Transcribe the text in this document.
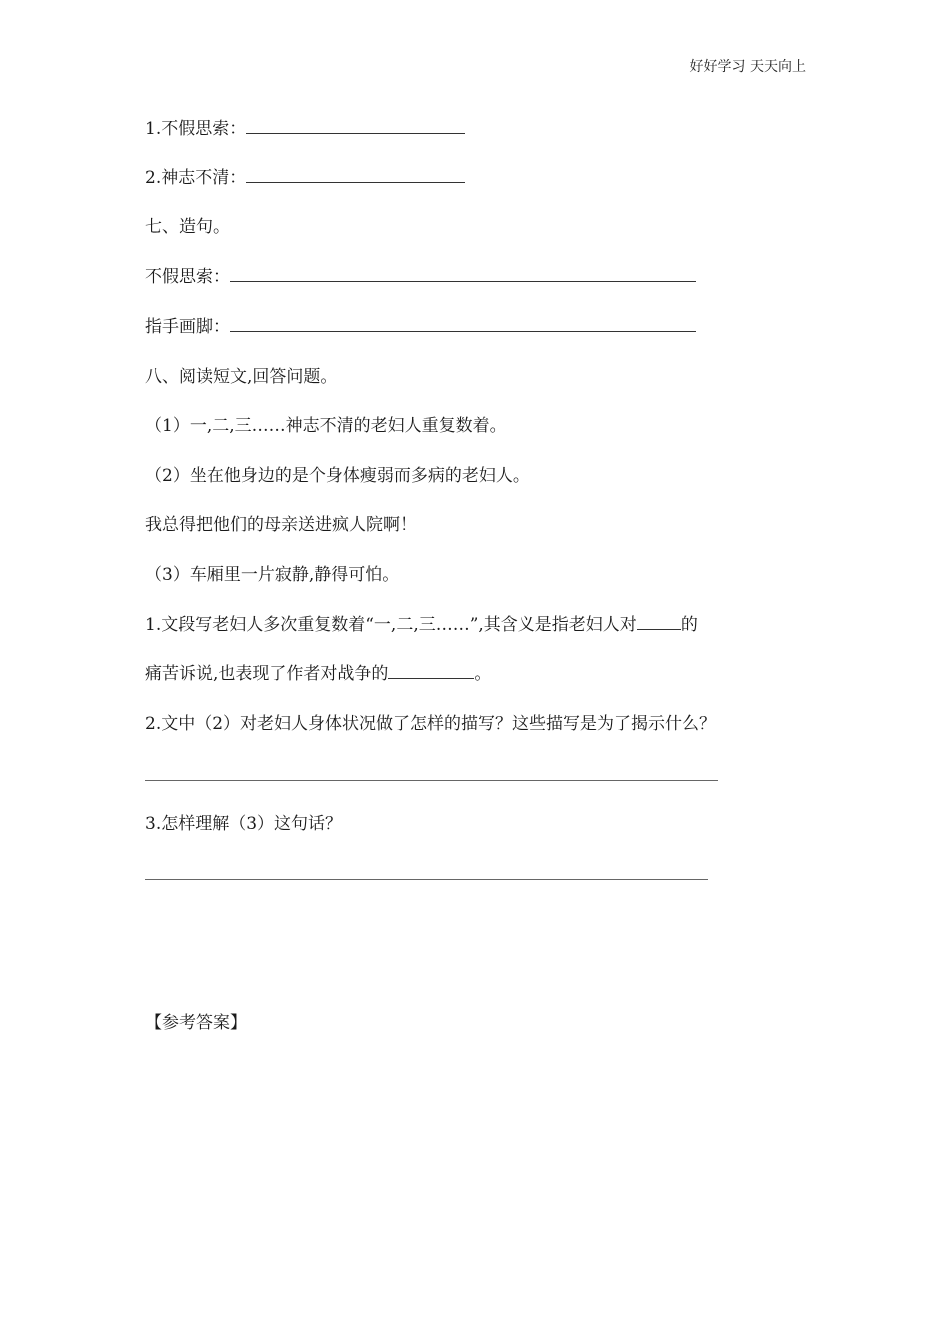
好好学习 天天向上
1.不假思索：
2.神志不清：
七、造句。
不假思索：
指手画脚：
八、阅读短文,回答问题。
（1）一,二,三……神志不清的老妇人重复数着。
（2）坐在他身边的是个身体瘦弱而多病的老妇人。
我总得把他们的母亲送进疯人院啊！
（3）车厢里一片寂静,静得可怕。
1.文段写老妇人多次重复数着“一,二,三……”,其含义是指老妇人对	的
痛苦诉说,也表现了作者对战争的	。
2.文中（2）对老妇人身体状况做了怎样的描写？这些描写是为了揭示什么？
3.怎样理解（3）这句话？
【参考答案】
